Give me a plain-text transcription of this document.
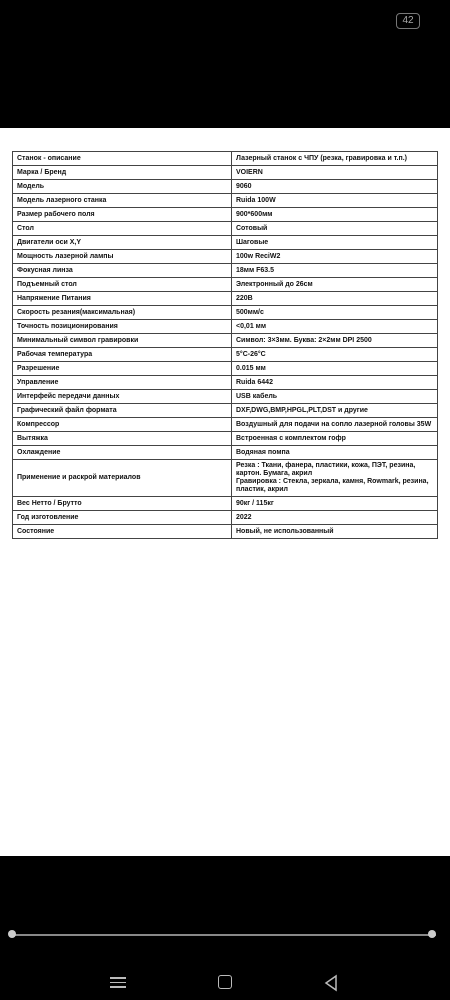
42
Станок - описание	Лазерный станок с ЧПУ (резка, гравировка и т.п.)
Марка / Бренд	VOIERN
Модель	9060
Модель лазерного станка	Ruida 100W
Размер рабочего поля	900*600мм
Стол	Сотовый
Двигатели оси X,Y	Шаговые
Мощность лазерной лампы	100w ReciW2
Фокусная линза	18мм F63.5
Подъемный стол	Электронный до 26см
Напряжение Питания	220В
Скорость резания(максимальная)	500мм/с
Точность позиционирования	<0,01 мм
Минимальный символ гравировки	Символ: 3×3мм. Буква: 2×2мм DPI 2500
Рабочая температура	5°С-26°С
Разрешение	0.015 мм
Управление	Ruida 6442
Интерфейс передачи данных	USB кабель
Графический файл формата	DXF,DWG,BMP,HPGL,PLT,DST и другие
Компрессор	Воздушный для подачи на сопло лазерной головы 35W
Вытяжка	Встроенная с комплектом гофр
Охлаждение	Водяная помпа
Применение и раскрой материалов	Резка : Ткани, фанера, пластики, кожа, ПЭТ, резина, картон. Бумага, акрил
Гравировка : Стекла, зеркала, камня, Rowmark, резина, пластик, акрил
Вес Нетто / Брутто	90кг / 115кг
Год изготовление	2022
Состояние	Новый, не использованный
